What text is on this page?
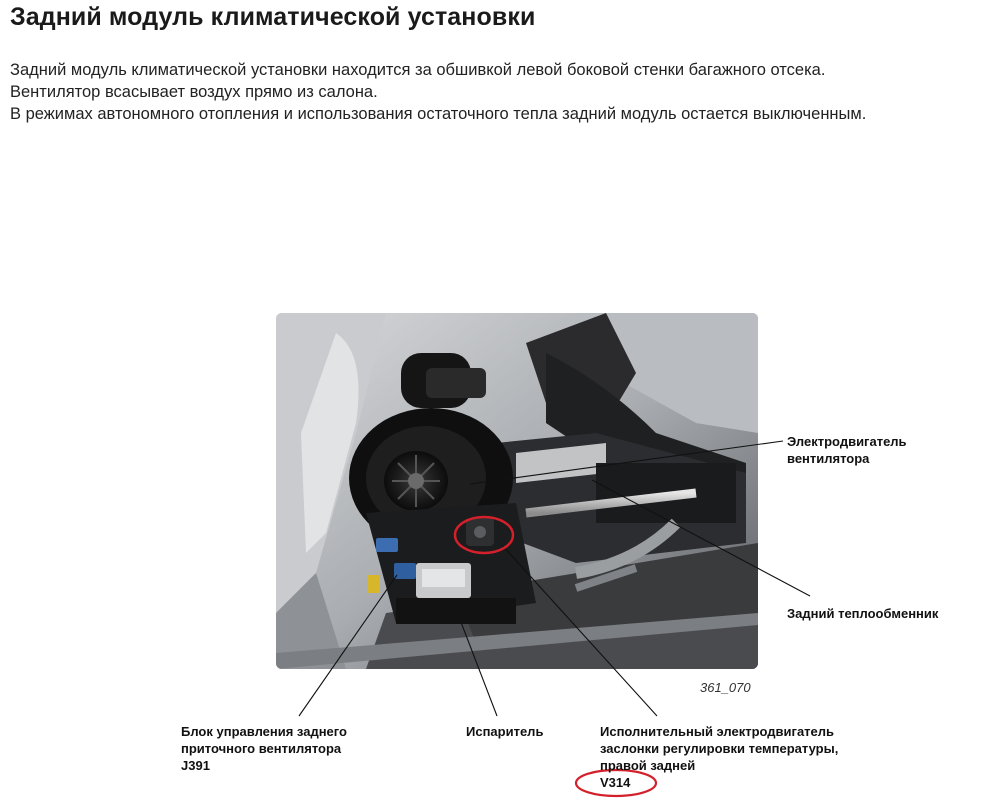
Задний модуль климатической установки

Задний модуль климатической установки находится за обшивкой левой боковой стенки багажного отсека.

Вентилятор всасывает воздух прямо из салона.

В режимах автономного отопления и использования остаточного тепла задний модуль остается выключенным.

361_070
Электродвигатель
вентилятора
Задний теплообменник
Блок управления заднего
приточного вентилятора
J391
Испаритель	Исполнительный электродвигатель
заслонки регулировки температуры,
правой задней
V314
